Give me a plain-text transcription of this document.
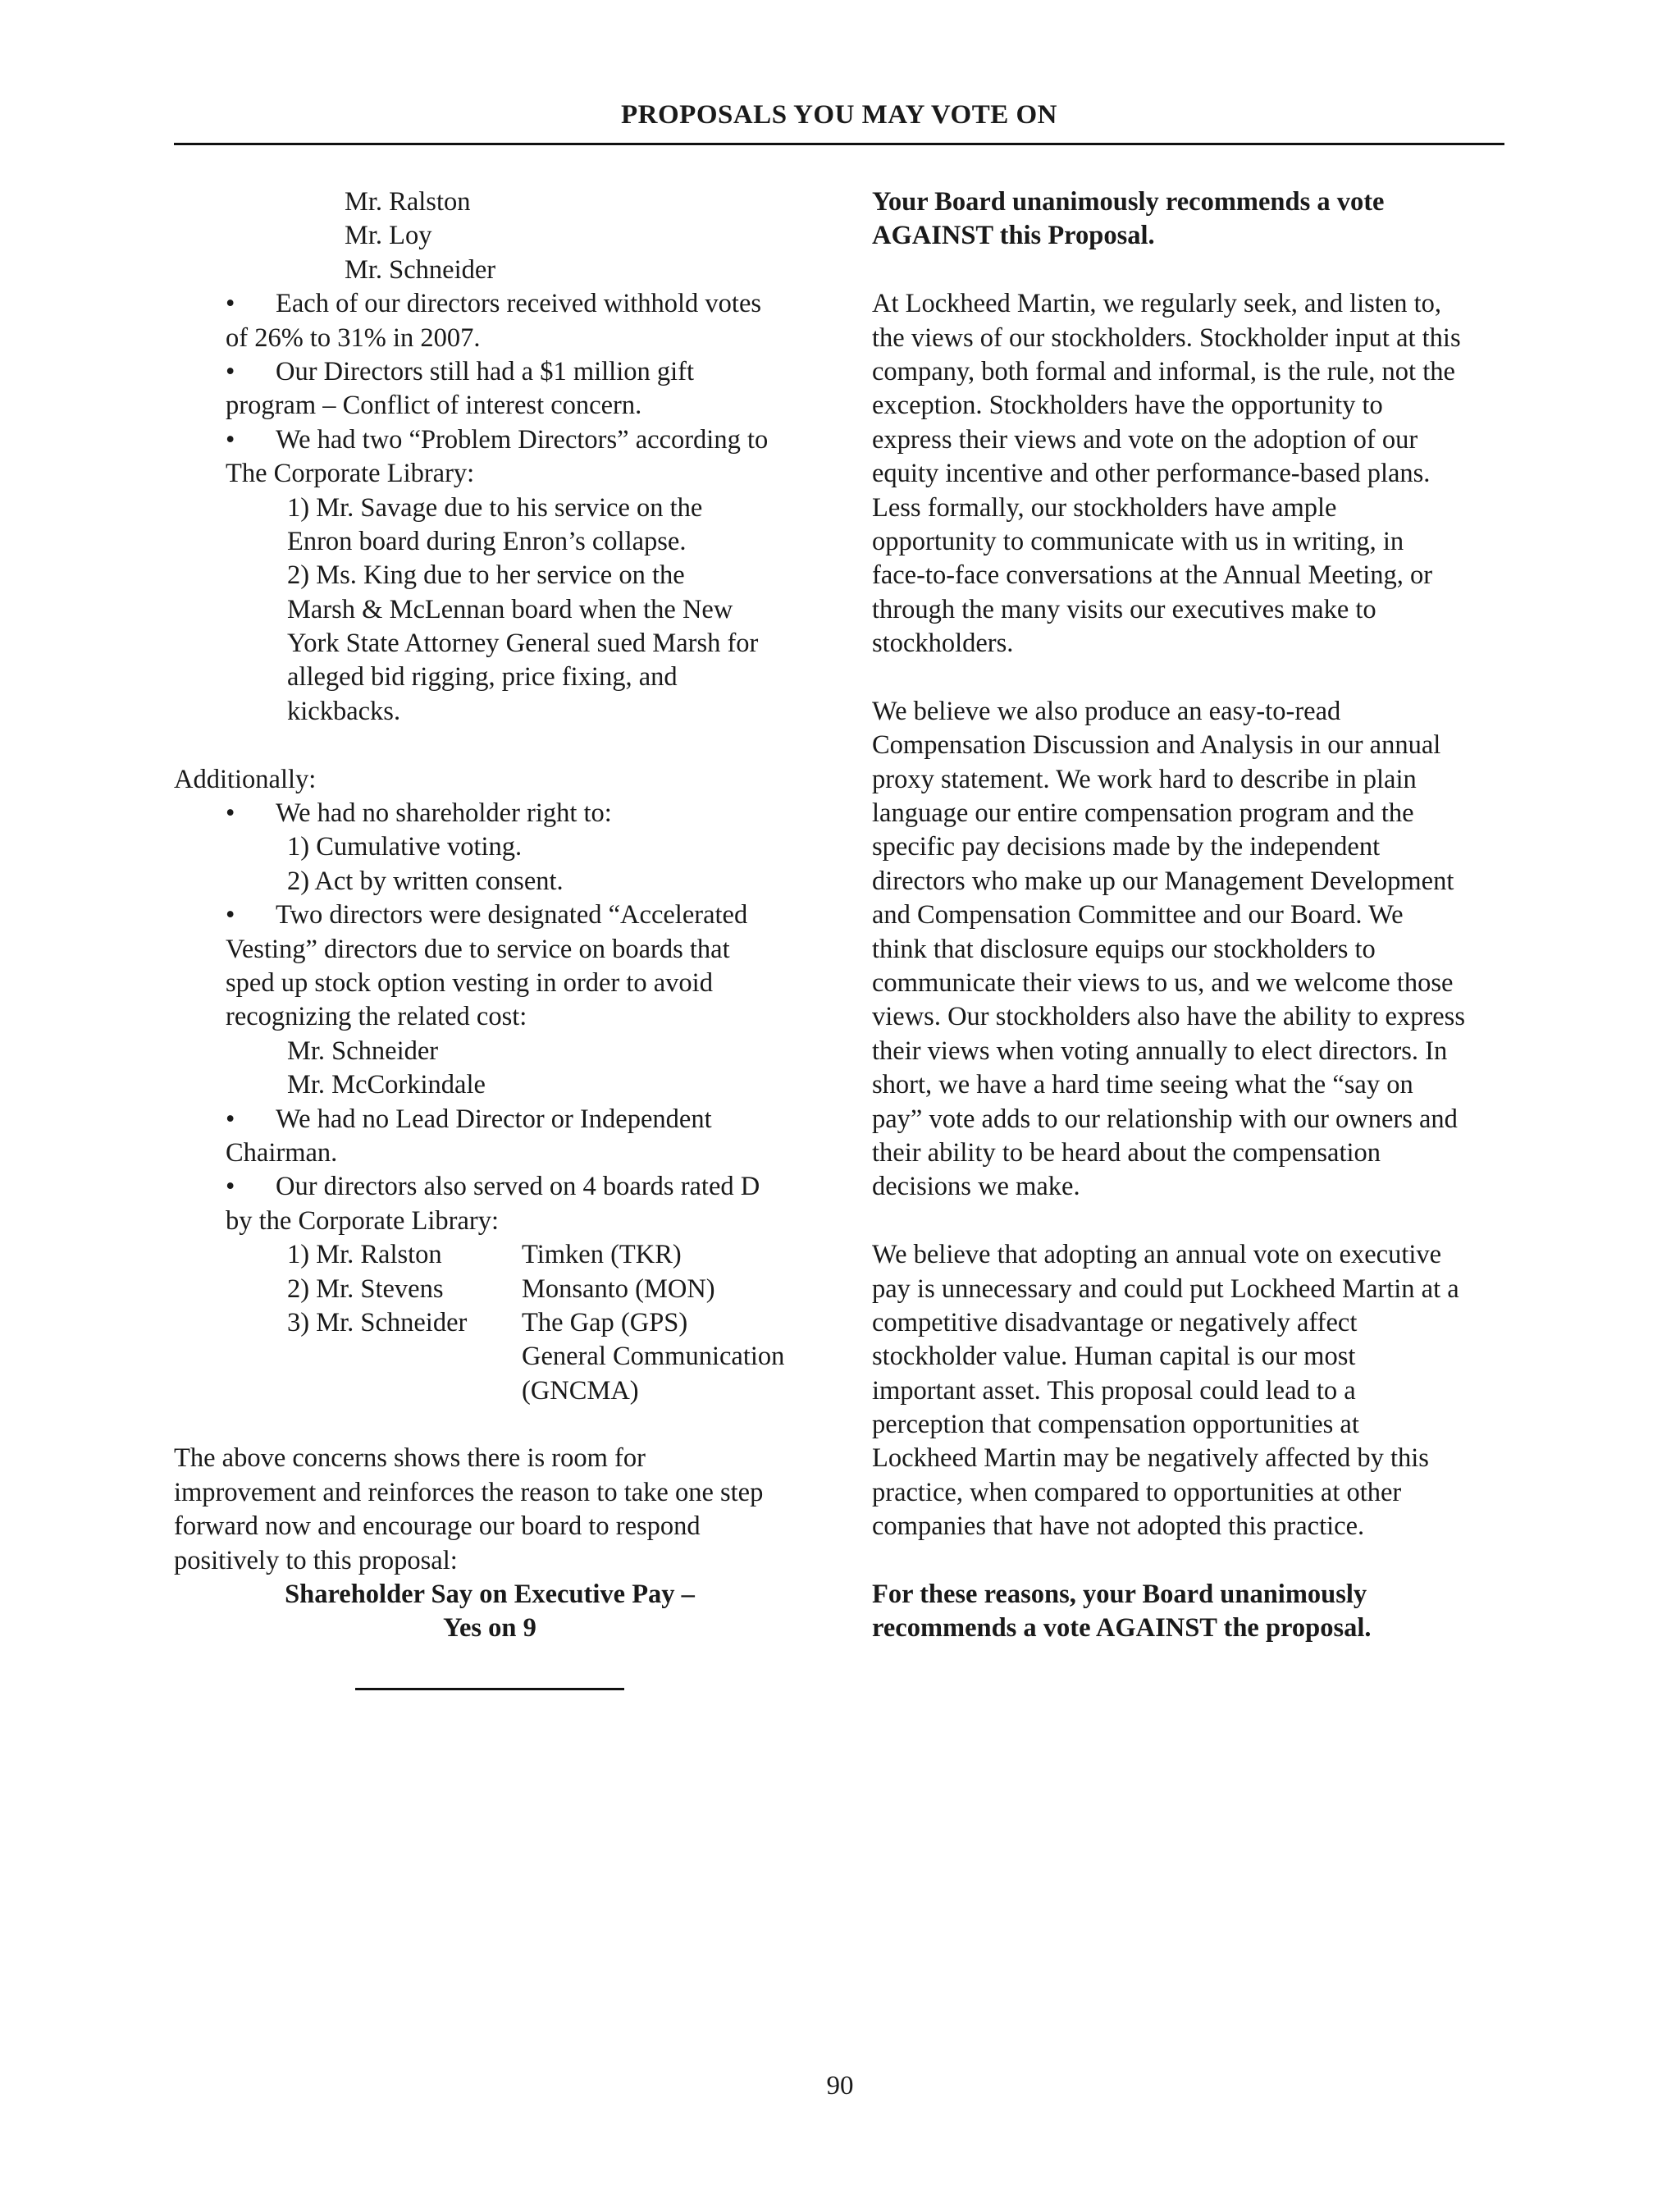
PROPOSALS YOU MAY VOTE ON
Mr. Ralston
Mr. Loy
Mr. Schneider
• Each of our directors received withhold votes
of 26% to 31% in 2007.
• Our Directors still had a $1 million gift
program – Conflict of interest concern.
• We had two “Problem Directors” according to
The Corporate Library:
1) Mr. Savage due to his service on the
Enron board during Enron’s collapse.
2) Ms. King due to her service on the
Marsh & McLennan board when the New
York State Attorney General sued Marsh for
alleged bid rigging, price fixing, and
kickbacks.
Additionally:
• We had no shareholder right to:
1) Cumulative voting.
2) Act by written consent.
• Two directors were designated “Accelerated
Vesting” directors due to service on boards that
sped up stock option vesting in order to avoid
recognizing the related cost:
Mr. Schneider
Mr. McCorkindale
• We had no Lead Director or Independent
Chairman.
• Our directors also served on 4 boards rated D
by the Corporate Library:
1) Mr. Ralston	Timken (TKR)
2) Mr. Stevens	Monsanto (MON)
3) Mr. Schneider The Gap (GPS)
General Communication
(GNCMA)
The above concerns shows there is room for
improvement and reinforces the reason to take one step
forward now and encourage our board to respond
positively to this proposal:
Shareholder Say on Executive Pay –
Yes on 9
Your Board unanimously recommends a vote
AGAINST this Proposal.
At Lockheed Martin, we regularly seek, and listen to,
the views of our stockholders. Stockholder input at this
company, both formal and informal, is the rule, not the
exception. Stockholders have the opportunity to
express their views and vote on the adoption of our
equity incentive and other performance-based plans.
Less formally, our stockholders have ample
opportunity to communicate with us in writing, in
face-to-face conversations at the Annual Meeting, or
through the many visits our executives make to
stockholders.
We believe we also produce an easy-to-read
Compensation Discussion and Analysis in our annual
proxy statement. We work hard to describe in plain
language our entire compensation program and the
specific pay decisions made by the independent
directors who make up our Management Development
and Compensation Committee and our Board. We
think that disclosure equips our stockholders to
communicate their views to us, and we welcome those
views. Our stockholders also have the ability to express
their views when voting annually to elect directors. In
short, we have a hard time seeing what the “say on
pay” vote adds to our relationship with our owners and
their ability to be heard about the compensation
decisions we make.
We believe that adopting an annual vote on executive
pay is unnecessary and could put Lockheed Martin at a
competitive disadvantage or negatively affect
stockholder value. Human capital is our most
important asset. This proposal could lead to a
perception that compensation opportunities at
Lockheed Martin may be negatively affected by this
practice, when compared to opportunities at other
companies that have not adopted this practice.
For these reasons, your Board unanimously
recommends a vote AGAINST the proposal.
90
